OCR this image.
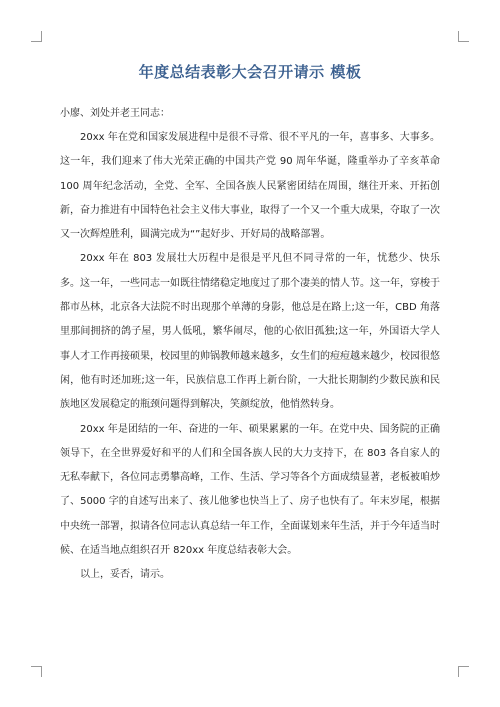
年度总结表彰大会召开请示 模板

小廖、刘处并老王同志：

20xx 年在党和国家发展进程中是很不寻常、很不平凡的一年，喜事多、大事多。这一年，我们迎来了伟大光荣正确的中国共产党 90 周年华诞，隆重举办了辛亥革命 100 周年纪念活动，全党、全军、全国各族人民紧密团结在周围，继往开来、开拓创新，奋力推进有中国特色社会主义伟大事业，取得了一个又一个重大成果，夺取了一次又一次辉煌胜利，圆满完成为“”起好步、开好局的战略部署。

20xx 年在 803 发展壮大历程中是很是平凡但不同寻常的一年，忧愁少、快乐多。这一年，一些同志一如既往情绪稳定地度过了那个凄美的情人节。这一年，穿梭于都市丛林，北京各大法院不时出现那个单薄的身影，他总是在路上;这一年，CBD 角落里那间拥挤的鸽子屋，男人低吼，繁华闹尽，他的心依旧孤独;这一年，外国语大学人事人才工作再接硕果，校园里的帅锅教师越来越多，女生们的痘痘越来越少，校园很悠闲，他有时还加班;这一年，民族信息工作再上新台阶，一大批长期制约少数民族和民族地区发展稳定的瓶颈问题得到解决，笑颜绽放，他悄然转身。

20xx 年是团结的一年、奋进的一年、硕果累累的一年。在党中央、国务院的正确领导下，在全世界爱好和平的人们和全国各族人民的大力支持下，在 803 各自家人的无私奉献下，各位同志勇攀高峰，工作、生活、学习等各个方面成绩显著，老板被咱炒了、5000 字的自述写出来了、孩儿他爹也快当上了、房子也快有了。年末岁尾，根据中央统一部署，拟请各位同志认真总结一年工作，全面谋划来年生活，并于今年适当时候、在适当地点组织召开 820xx 年度总结表彰大会。

以上，妥否，请示。
